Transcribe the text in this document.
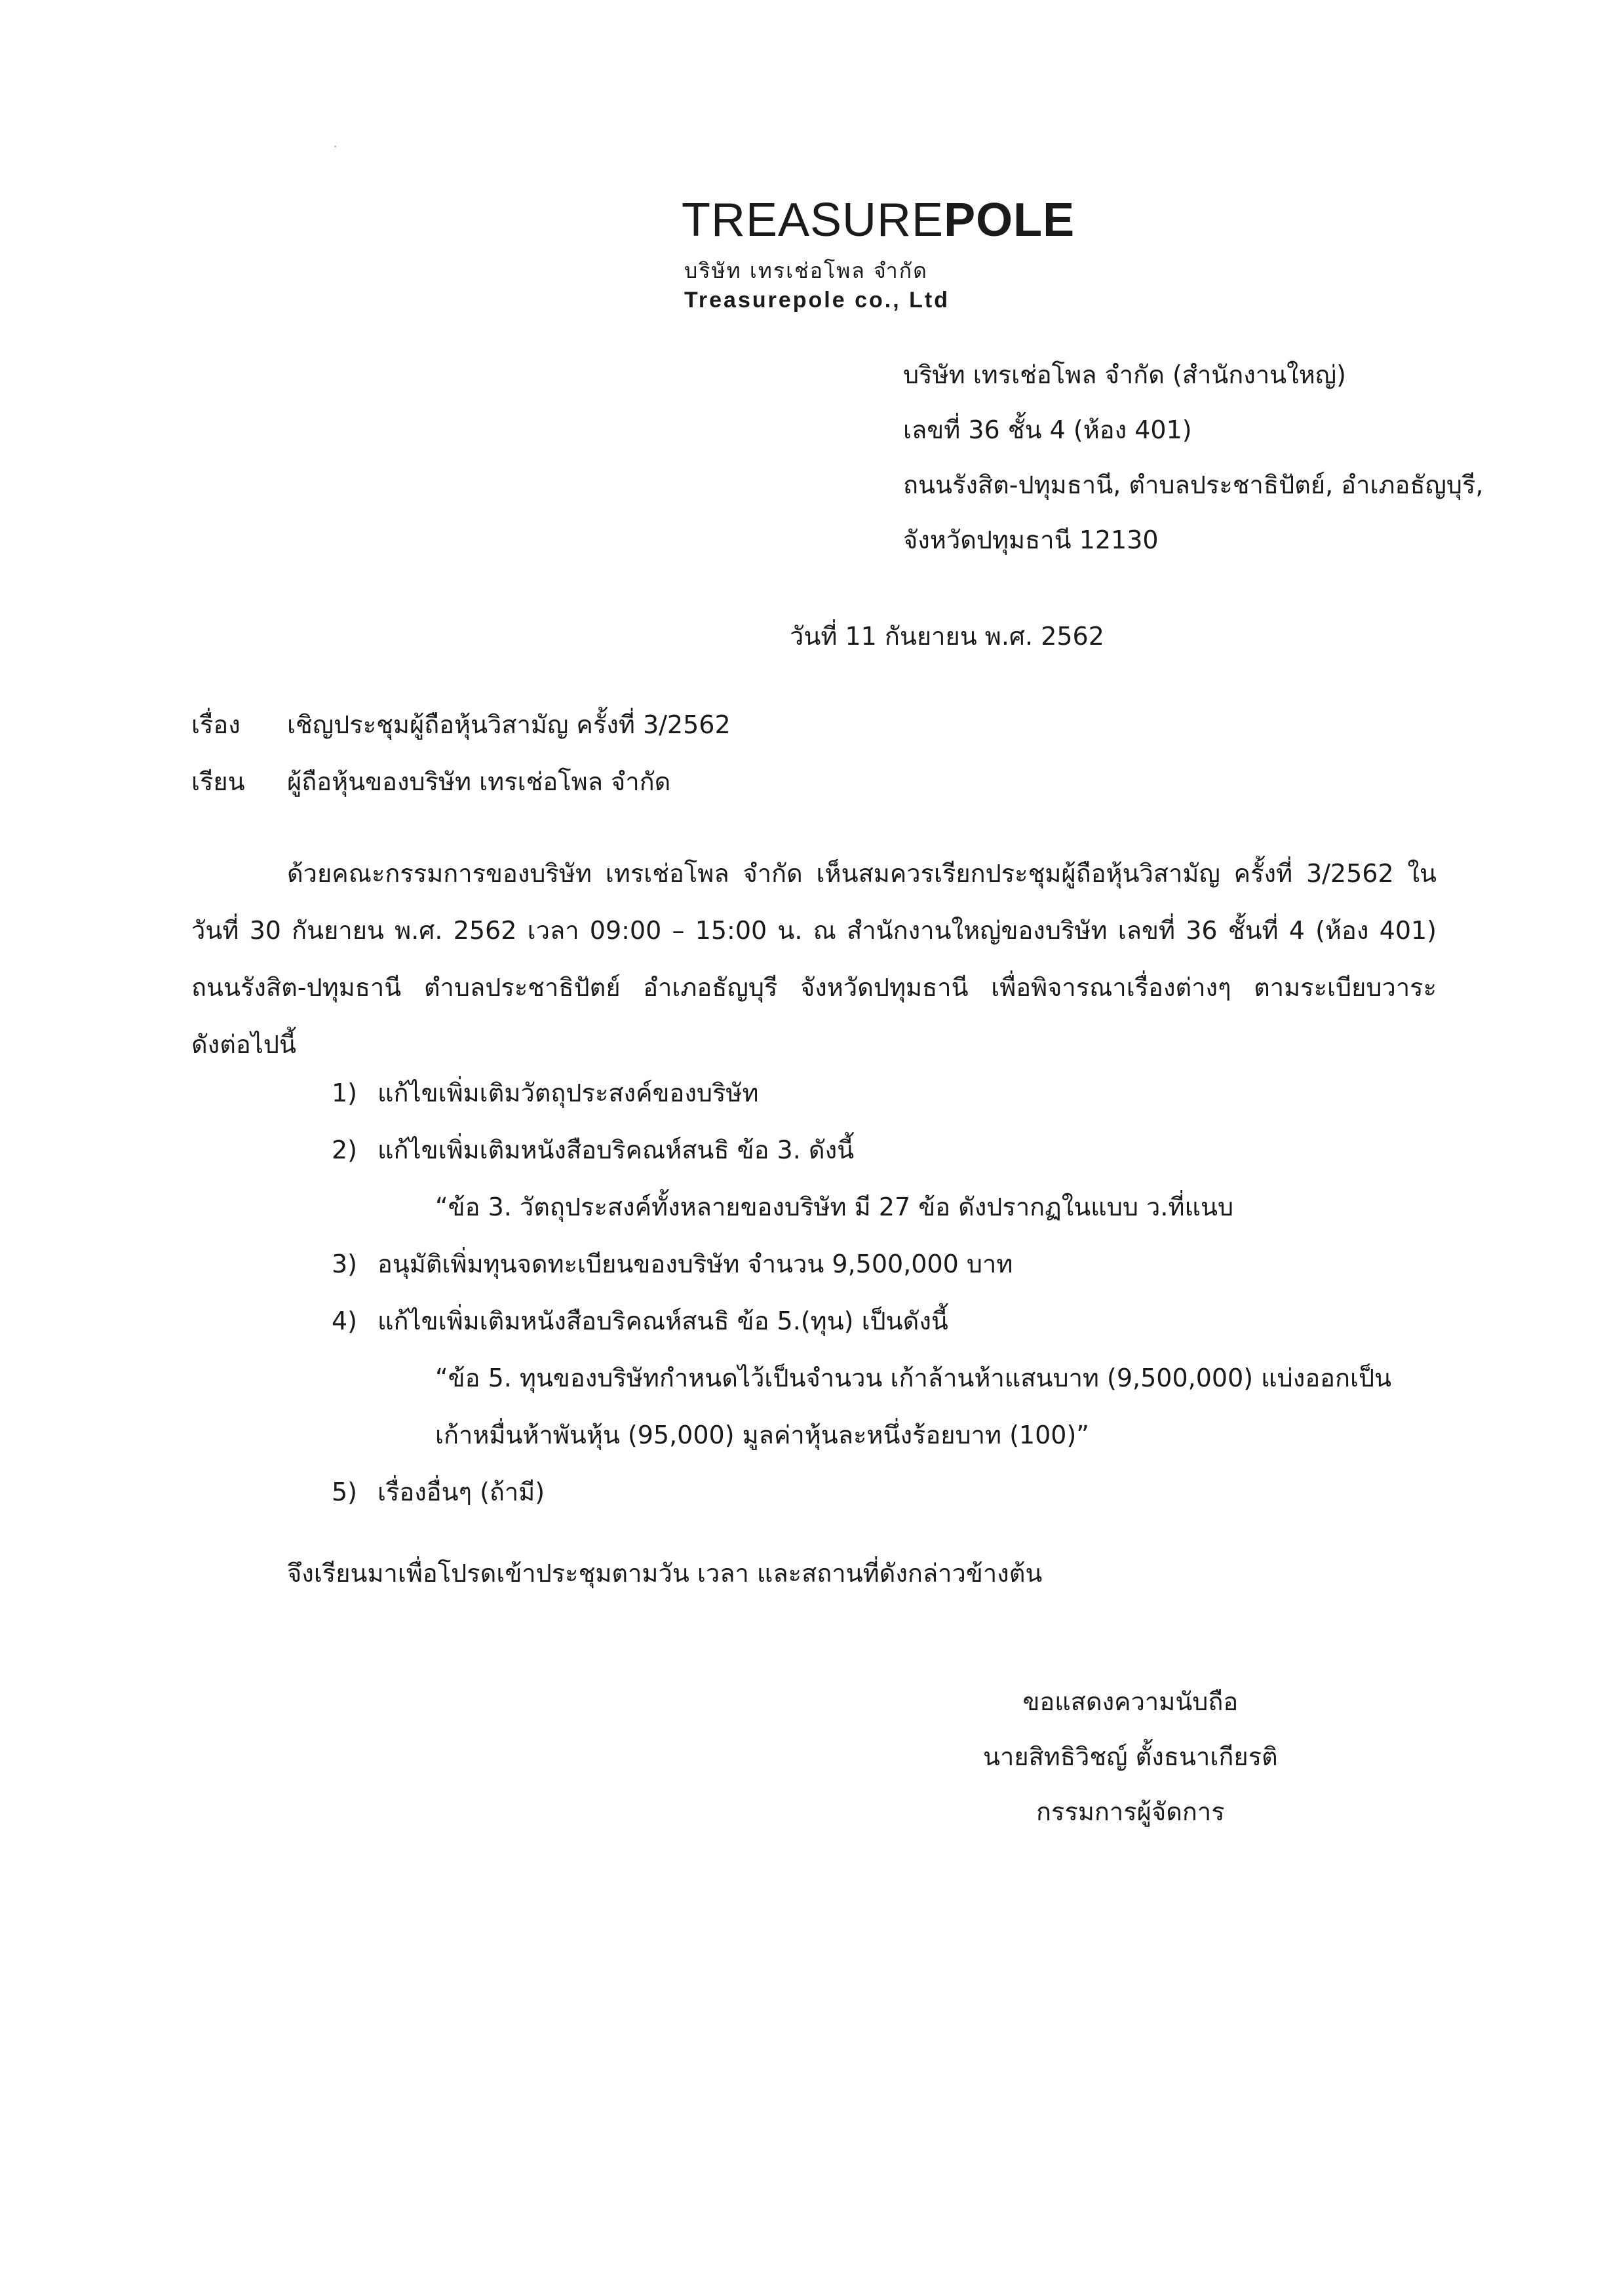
TREASUREPOLE
บริษัท เทรเช่อโพล จำกัด
Treasurepole co., Ltd
บริษัท เทรเช่อโพล จำกัด (สำนักงานใหญ่)
เลขที่ 36 ชั้น 4 (ห้อง 401)
ถนนรังสิต-ปทุมธานี, ตำบลประชาธิปัตย์, อำเภอธัญบุรี,
จังหวัดปทุมธานี 12130
วันที่ 11 กันยายน พ.ศ. 2562
เรื่อง เชิญประชุมผู้ถือหุ้นวิสามัญ ครั้งที่ 3/2562
เรียน ผู้ถือหุ้นของบริษัท เทรเช่อโพล จำกัด
ด้วยคณะกรรมการของบริษัท เทรเช่อโพล จำกัด เห็นสมควรเรียกประชุมผู้ถือหุ้นวิสามัญ ครั้งที่ 3/2562 ใน
วันที่ 30 กันยายน พ.ศ. 2562 เวลา 09:00 – 15:00 น. ณ สำนักงานใหญ่ของบริษัท เลขที่ 36 ชั้นที่ 4 (ห้อง 401)
ถนนรังสิต-ปทุมธานี ตำบลประชาธิปัตย์ อำเภอธัญบุรี จังหวัดปทุมธานี เพื่อพิจารณาเรื่องต่างๆ ตามระเบียบวาระ
ดังต่อไปนี้
1) แก้ไขเพิ่มเติมวัตถุประสงค์ของบริษัท
2) แก้ไขเพิ่มเติมหนังสือบริคณห์สนธิ ข้อ 3. ดังนี้
“ข้อ 3. วัตถุประสงค์ทั้งหลายของบริษัท มี 27 ข้อ ดังปรากฏในแบบ ว.ที่แนบ
3) อนุมัติเพิ่มทุนจดทะเบียนของบริษัท จำนวน 9,500,000 บาท
4) แก้ไขเพิ่มเติมหนังสือบริคณห์สนธิ ข้อ 5.(ทุน) เป็นดังนี้
“ข้อ 5. ทุนของบริษัทกำหนดไว้เป็นจำนวน เก้าล้านห้าแสนบาท (9,500,000) แบ่งออกเป็น
เก้าหมื่นห้าพันหุ้น (95,000) มูลค่าหุ้นละหนึ่งร้อยบาท (100)”
5) เรื่องอื่นๆ (ถ้ามี)
จึงเรียนมาเพื่อโปรดเข้าประชุมตามวัน เวลา และสถานที่ดังกล่าวข้างต้น
ขอแสดงความนับถือ
นายสิทธิวิชญ์ ตั้งธนาเกียรติ
กรรมการผู้จัดการ
